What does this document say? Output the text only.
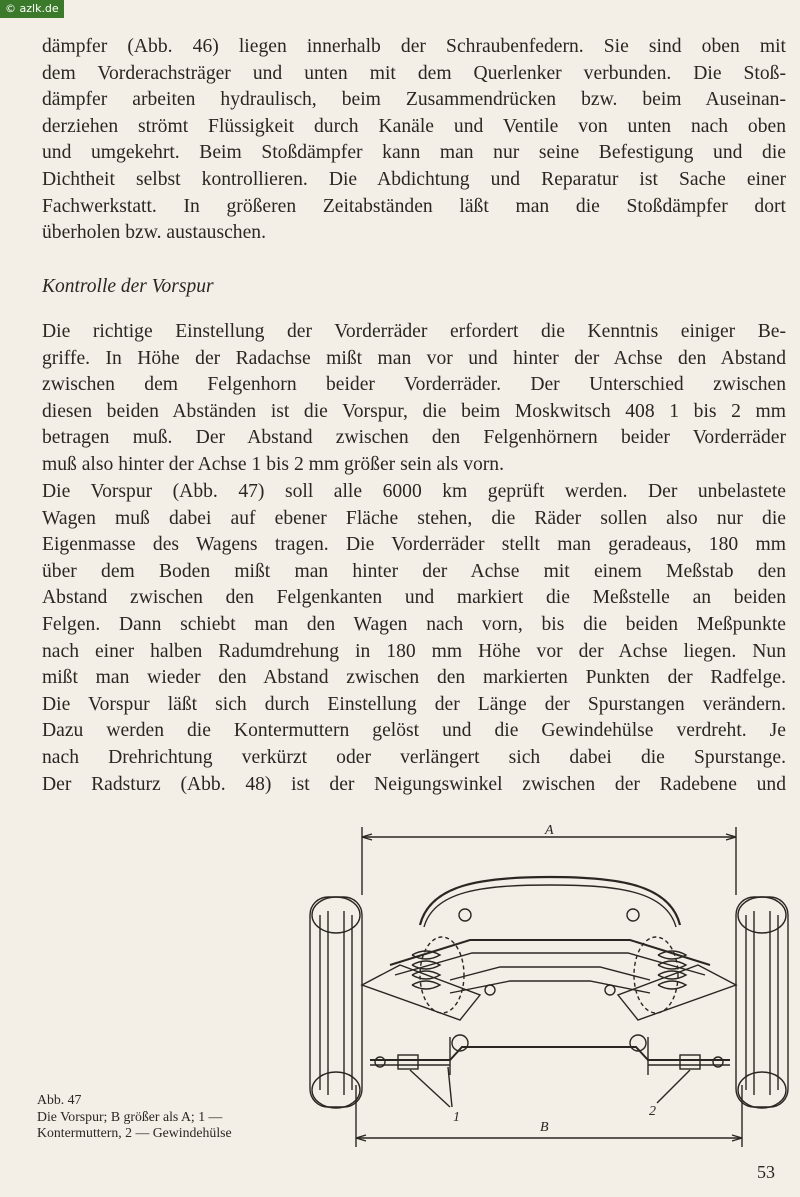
© azlk.de
dämpfer (Abb. 46) liegen innerhalb der Schraubenfedern. Sie sind oben mit
dem Vorderachsträger und unten mit dem Querlenker verbunden. Die Stoß-
dämpfer arbeiten hydraulisch, beim Zusammendrücken bzw. beim Auseinan-
derziehen strömt Flüssigkeit durch Kanäle und Ventile von unten nach oben
und umgekehrt. Beim Stoßdämpfer kann man nur seine Befestigung und die
Dichtheit selbst kontrollieren. Die Abdichtung und Reparatur ist Sache einer
Fachwerkstatt. In größeren Zeitabständen läßt man die Stoßdämpfer dort
überholen bzw. austauschen.
Kontrolle der Vorspur
Die richtige Einstellung der Vorderräder erfordert die Kenntnis einiger Be-
griffe. In Höhe der Radachse mißt man vor und hinter der Achse den Abstand
zwischen dem Felgenhorn beider Vorderräder. Der Unterschied zwischen
diesen beiden Abständen ist die Vorspur, die beim Moskwitsch 408 1 bis 2 mm
betragen muß. Der Abstand zwischen den Felgenhörnern beider Vorderräder
muß also hinter der Achse 1 bis 2 mm größer sein als vorn.
Die Vorspur (Abb. 47) soll alle 6000 km geprüft werden. Der unbelastete
Wagen muß dabei auf ebener Fläche stehen, die Räder sollen also nur die
Eigenmasse des Wagens tragen. Die Vorderräder stellt man geradeaus, 180 mm
über dem Boden mißt man hinter der Achse mit einem Meßstab den
Abstand zwischen den Felgenkanten und markiert die Meßstelle an beiden
Felgen. Dann schiebt man den Wagen nach vorn, bis die beiden Meßpunkte
nach einer halben Radumdrehung in 180 mm Höhe vor der Achse liegen. Nun
mißt man wieder den Abstand zwischen den markierten Punkten der Radfelge.
Die Vorspur läßt sich durch Einstellung der Länge der Spurstangen verändern.
Dazu werden die Kontermuttern gelöst und die Gewindehülse verdreht. Je
nach Drehrichtung verkürzt oder verlängert sich dabei die Spurstange.
Der Radsturz (Abb. 48) ist der Neigungswinkel zwischen der Radebene und
A
B
1	2
Abb. 47
Die Vorspur; B größer als A; 1 —
Kontermuttern, 2 — Gewindehülse
53
